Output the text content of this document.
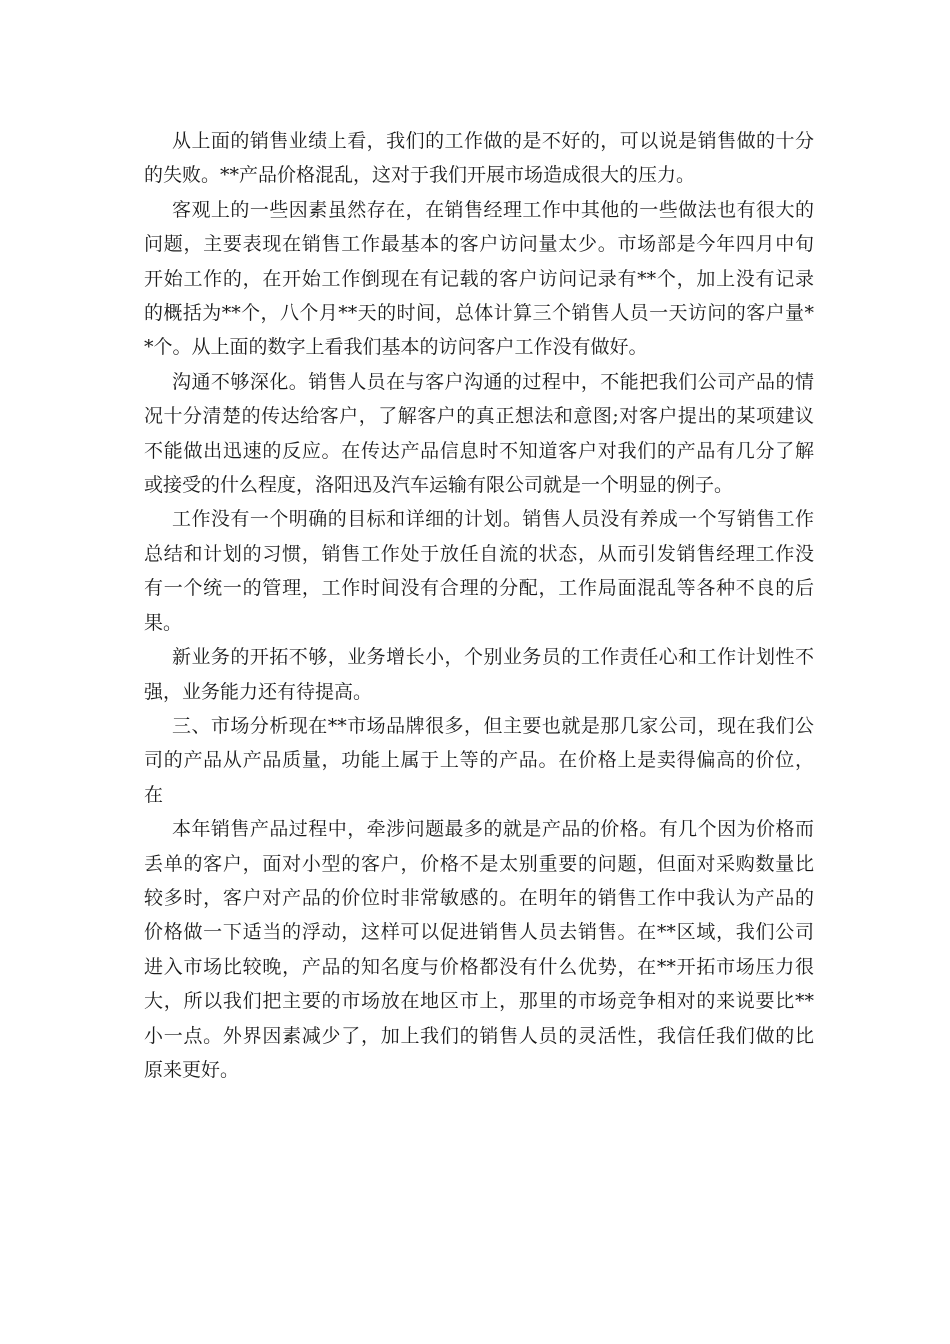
从上面的销售业绩上看，我们的工作做的是不好的，可以说是销售做的十分
的失败。**产品价格混乱，这对于我们开展市场造成很大的压力。

客观上的一些因素虽然存在，在销售经理工作中其他的一些做法也有很大的
问题，主要表现在销售工作最基本的客户访问量太少。市场部是今年四月中旬
开始工作的，在开始工作倒现在有记载的客户访问记录有**个，加上没有记录
的概括为**个，八个月**天的时间，总体计算三个销售人员一天访问的客户量*
*个。从上面的数字上看我们基本的访问客户工作没有做好。

沟通不够深化。销售人员在与客户沟通的过程中，不能把我们公司产品的情
况十分清楚的传达给客户，了解客户的真正想法和意图;对客户提出的某项建议
不能做出迅速的反应。在传达产品信息时不知道客户对我们的产品有几分了解
或接受的什么程度，洛阳迅及汽车运输有限公司就是一个明显的例子。

工作没有一个明确的目标和详细的计划。销售人员没有养成一个写销售工作
总结和计划的习惯，销售工作处于放任自流的状态，从而引发销售经理工作没
有一个统一的管理，工作时间没有合理的分配，工作局面混乱等各种不良的后
果。

新业务的开拓不够，业务增长小，个别业务员的工作责任心和工作计划性不
强，业务能力还有待提高。

三、市场分析现在**市场品牌很多，但主要也就是那几家公司，现在我们公
司的产品从产品质量，功能上属于上等的产品。在价格上是卖得偏高的价位，
在

本年销售产品过程中，牵涉问题最多的就是产品的价格。有几个因为价格而
丢单的客户，面对小型的客户，价格不是太别重要的问题，但面对采购数量比
较多时，客户对产品的价位时非常敏感的。在明年的销售工作中我认为产品的
价格做一下适当的浮动，这样可以促进销售人员去销售。在**区域，我们公司
进入市场比较晚，产品的知名度与价格都没有什么优势，在**开拓市场压力很
大，所以我们把主要的市场放在地区市上，那里的市场竞争相对的来说要比**
小一点。外界因素减少了，加上我们的销售人员的灵活性，我信任我们做的比
原来更好。
